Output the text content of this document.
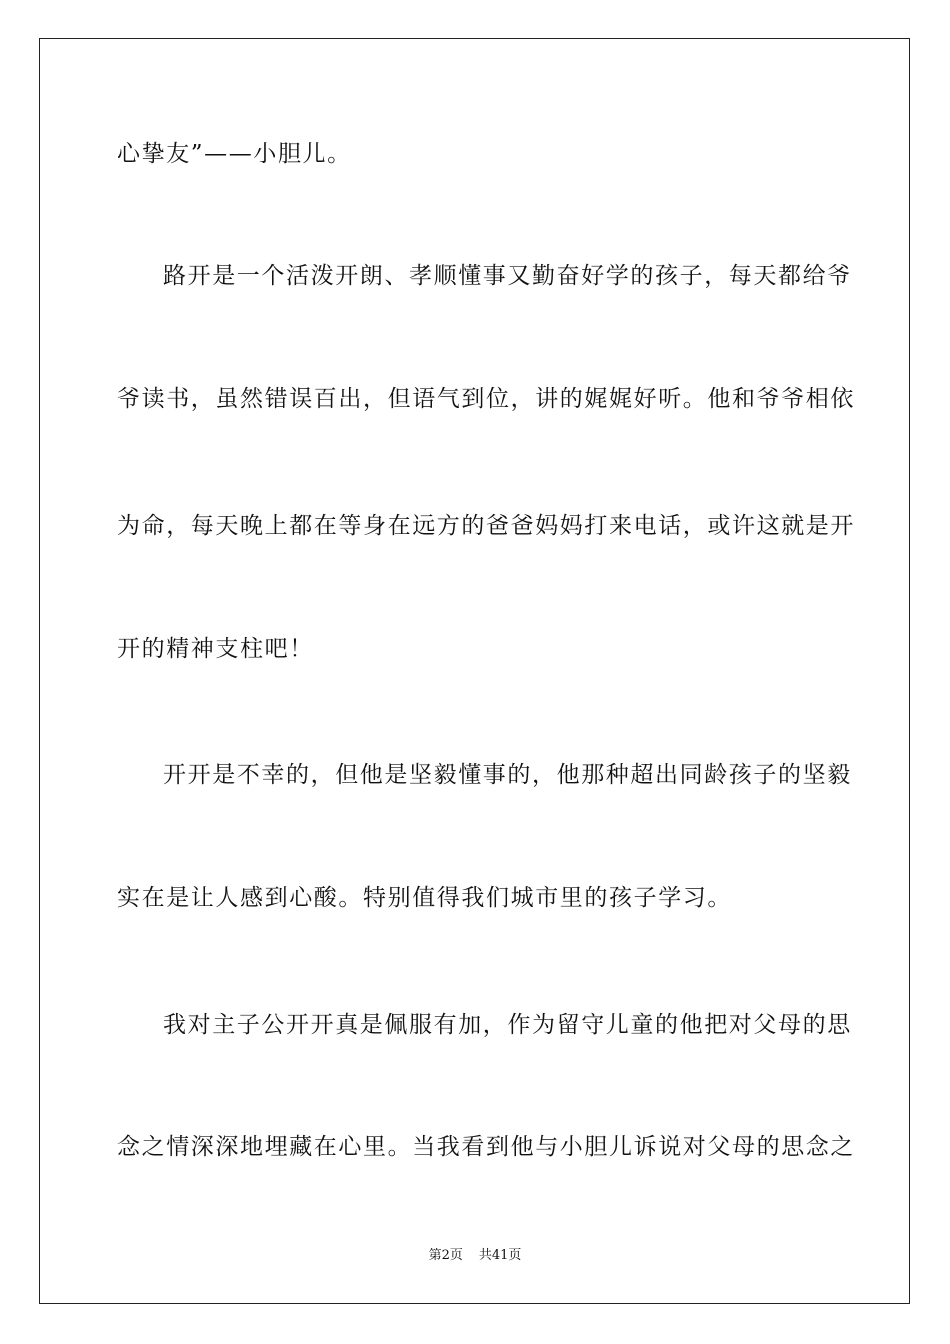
心挚友”——小胆儿。
路开是一个活泼开朗、孝顺懂事又勤奋好学的孩子，每天都给爷
爷读书，虽然错误百出，但语气到位，讲的娓娓好听。他和爷爷相依
为命，每天晚上都在等身在远方的爸爸妈妈打来电话，或许这就是开
开的精神支柱吧！
开开是不幸的，但他是坚毅懂事的，他那种超出同龄孩子的坚毅
实在是让人感到心酸。特别值得我们城市里的孩子学习。
我对主子公开开真是佩服有加，作为留守儿童的他把对父母的思
念之情深深地埋藏在心里。当我看到他与小胆儿诉说对父母的思念之
第2页 共41页
